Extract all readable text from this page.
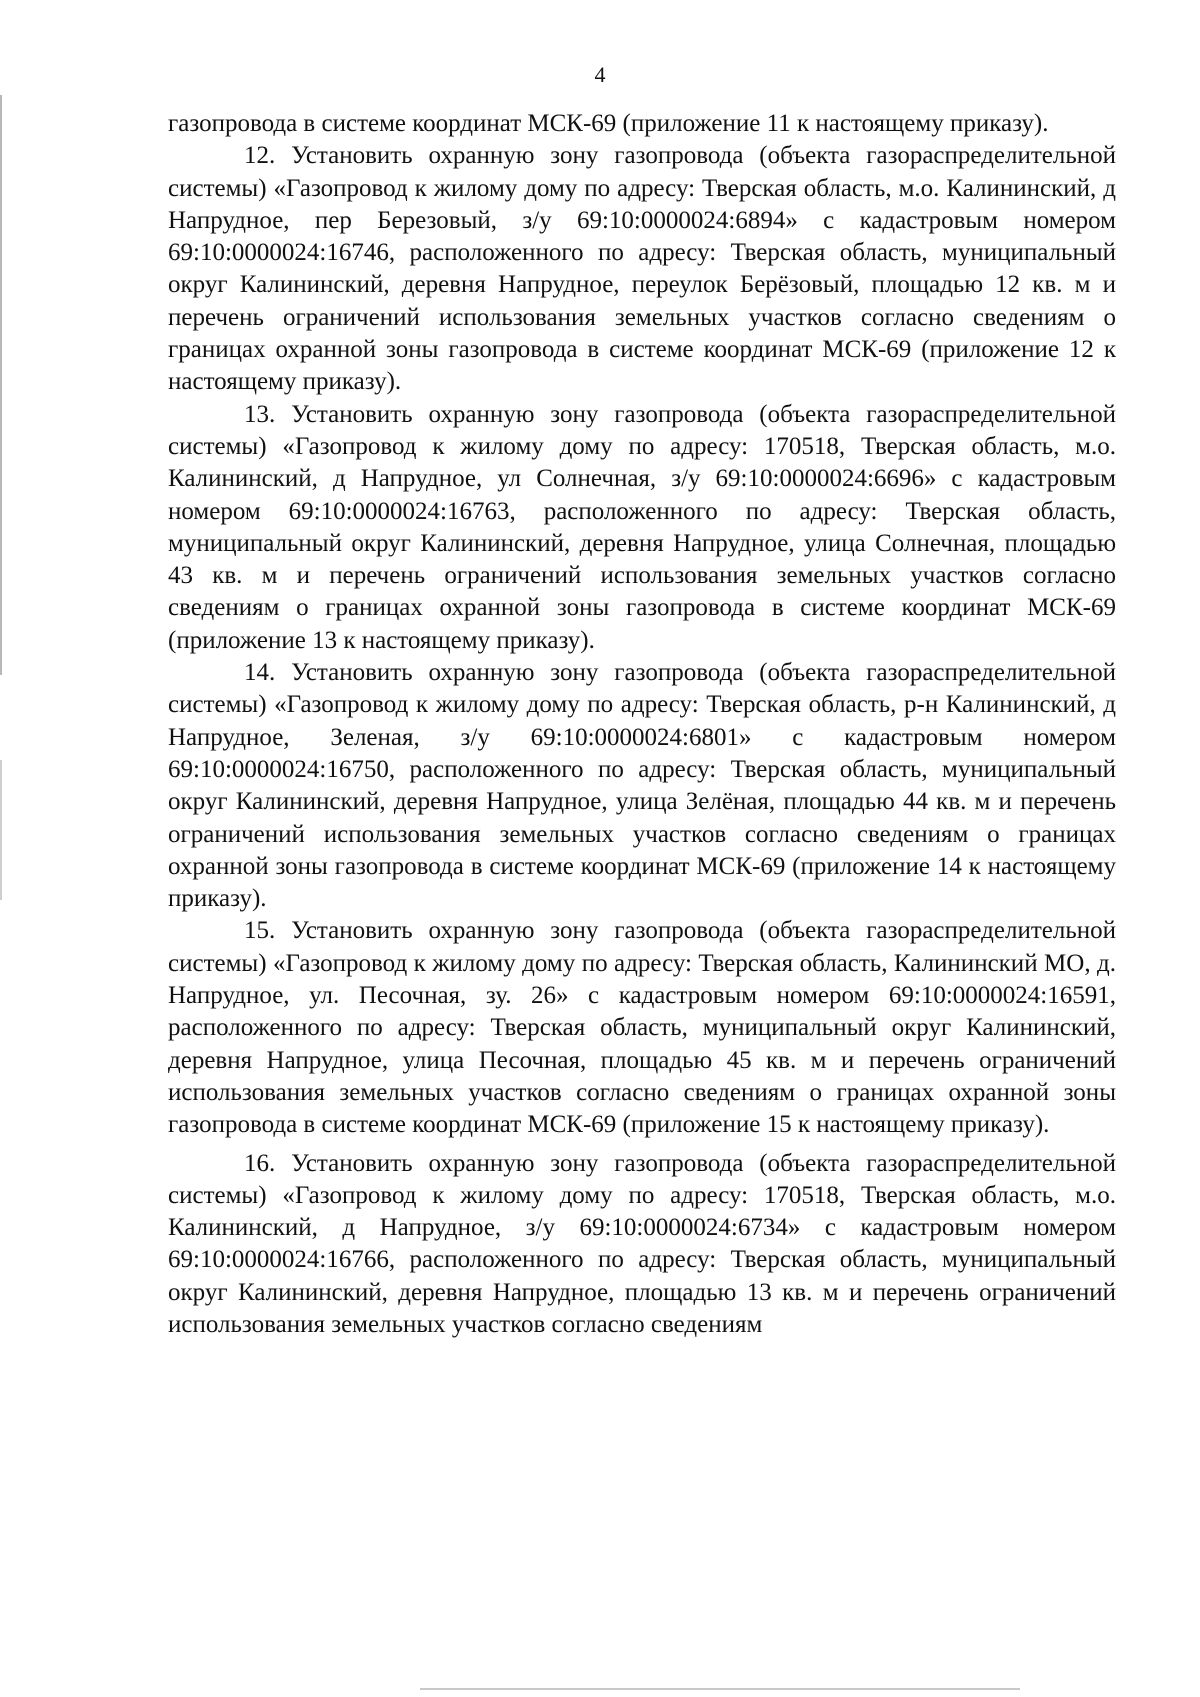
4

газопровода в системе координат МСК-69 (приложение 11 к настоящему приказу).

12. Установить охранную зону газопровода (объекта газораспределительной системы) «Газопровод к жилому дому по адресу: Тверская область, м.о. Калининский, д Напрудное, пер Березовый, з/у 69:10:0000024:6894» с кадастровым номером 69:10:0000024:16746, расположенного по адресу: Тверская область, муниципальный округ Калининский, деревня Напрудное, переулок Берёзовый, площадью 12 кв. м и перечень ограничений использования земельных участков согласно сведениям о границах охранной зоны газопровода в системе координат МСК-69 (приложение 12 к настоящему приказу).

13. Установить охранную зону газопровода (объекта газораспределительной системы) «Газопровод к жилому дому по адресу: 170518, Тверская область, м.о. Калининский, д Напрудное, ул Солнечная, з/у 69:10:0000024:6696» с кадастровым номером 69:10:0000024:16763, расположенного по адресу: Тверская область, муниципальный округ Калининский, деревня Напрудное, улица Солнечная, площадью 43 кв. м и перечень ограничений использования земельных участков согласно сведениям о границах охранной зоны газопровода в системе координат МСК-69 (приложение 13 к настоящему приказу).

14. Установить охранную зону газопровода (объекта газораспределительной системы) «Газопровод к жилому дому по адресу: Тверская область, р-н Калининский, д Напрудное, Зеленая, з/у 69:10:0000024:6801» с кадастровым номером 69:10:0000024:16750, расположенного по адресу: Тверская область, муниципальный округ Калининский, деревня Напрудное, улица Зелёная, площадью 44 кв. м и перечень ограничений использования земельных участков согласно сведениям о границах охранной зоны газопровода в системе координат МСК-69 (приложение 14 к настоящему приказу).

15. Установить охранную зону газопровода (объекта газораспределительной системы) «Газопровод к жилому дому по адресу: Тверская область, Калининский МО, д. Напрудное, ул. Песочная, зу. 26» с кадастровым номером 69:10:0000024:16591, расположенного по адресу: Тверская область, муниципальный округ Калининский, деревня Напрудное, улица Песочная, площадью 45 кв. м и перечень ограничений использования земельных участков согласно сведениям о границах охранной зоны газопровода в системе координат МСК-69 (приложение 15 к настоящему приказу).

16. Установить охранную зону газопровода (объекта газораспределительной системы) «Газопровод к жилому дому по адресу: 170518, Тверская область, м.о. Калининский, д Напрудное, з/у 69:10:0000024:6734» с кадастровым номером 69:10:0000024:16766, расположенного по адресу: Тверская область, муниципальный округ Калининский, деревня Напрудное, площадью 13 кв. м и перечень ограничений использования земельных участков согласно сведениям
